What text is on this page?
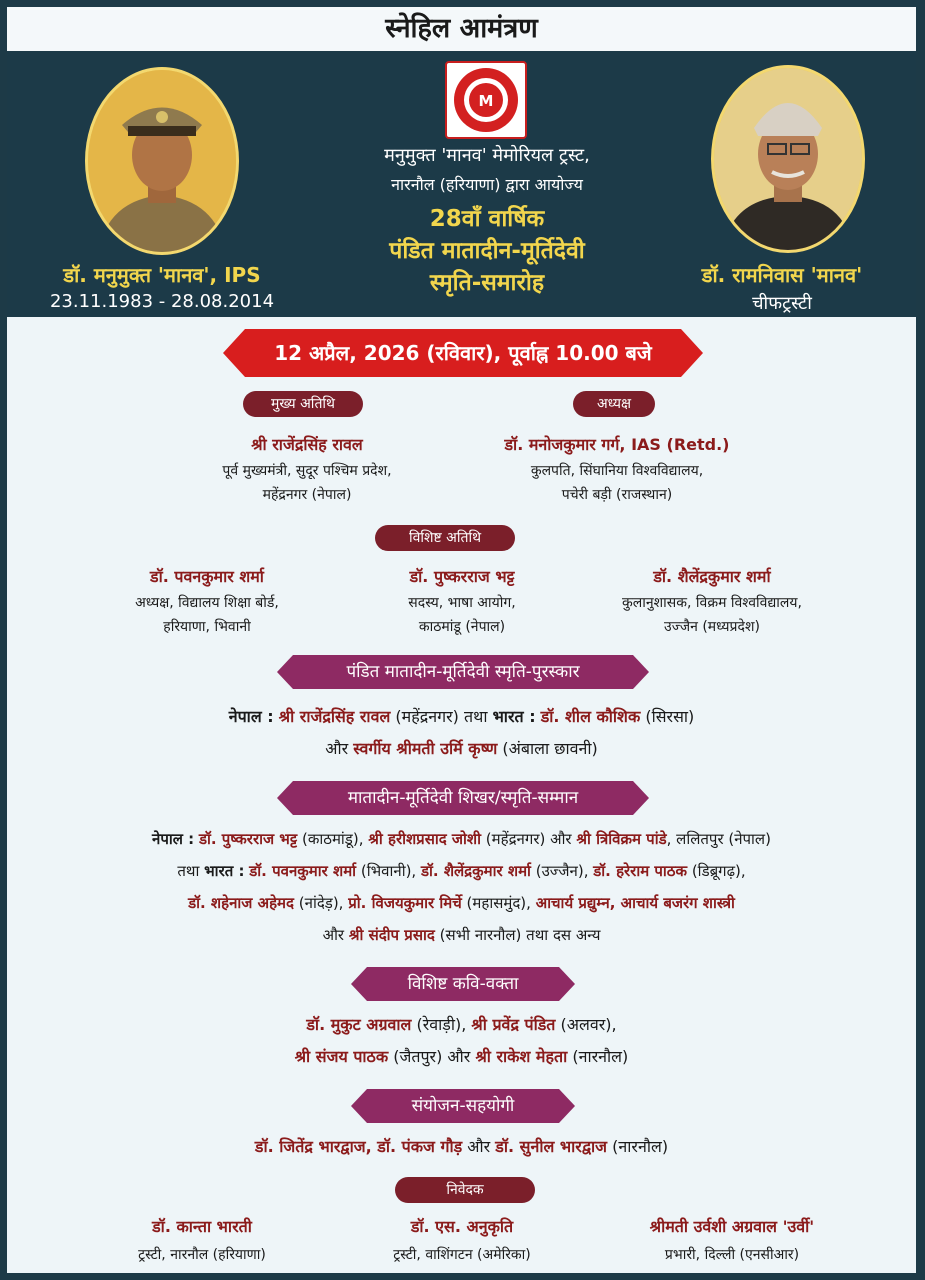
स्नेहिल आमंत्रण
डॉ. मनुमुक्त 'मानव', IPS
23.11.1983 - 28.08.2014
M
मनुमुक्त 'मानव' मेमोरियल ट्रस्ट,
नारनौल (हरियाणा) द्वारा आयोज्य
28वाँ वार्षिक
पंडित मातादीन-मूर्तिदेवी
स्मृति-समारोह	डॉ. रामनिवास 'मानव'
चीफट्रस्टी
12 अप्रैल, 2026 (रविवार), पूर्वाह्न 10.00 बजे
मुख्य अतिथि	अध्यक्ष
श्री राजेंद्रसिंह रावल
पूर्व मुख्यमंत्री, सुदूर पश्चिम प्रदेश,
महेंद्रनगर (नेपाल)
डॉ. मनोजकुमार गर्ग, IAS (Retd.)
कुलपति, सिंघानिया विश्वविद्यालय,
पचेरी बड़ी (राजस्थान)
विशिष्ट अतिथि
डॉ. पवनकुमार शर्मा
अध्यक्ष, विद्यालय शिक्षा बोर्ड,
हरियाणा, भिवानी
डॉ. पुष्करराज भट्ट
सदस्य, भाषा आयोग,
काठमांडू (नेपाल)
डॉ. शैलेंद्रकुमार शर्मा
कुलानुशासक, विक्रम विश्वविद्यालय,
उज्जैन (मध्यप्रदेश)
पंडित मातादीन-मूर्तिदेवी स्मृति-पुरस्कार
नेपाल : श्री राजेंद्रसिंह रावल (महेंद्रनगर) तथा भारत : डॉ. शील कौशिक (सिरसा)
और स्वर्गीय श्रीमती उर्मि कृष्ण (अंबाला छावनी)
मातादीन-मूर्तिदेवी शिखर/स्मृति-सम्मान
नेपाल : डॉ. पुष्करराज भट्ट (काठमांडू), श्री हरीशप्रसाद जोशी (महेंद्रनगर) और श्री त्रिविक्रम पांडे, ललितपुर (नेपाल)
तथा भारत : डॉ. पवनकुमार शर्मा (भिवानी), डॉ. शैलेंद्रकुमार शर्मा (उज्जैन), डॉ. हरेराम पाठक (डिब्रूगढ़),
डॉ. शहेनाज अहेमद (नांदेड़), प्रो. विजयकुमार मिर्चे (महासमुंद), आचार्य प्रद्युम्न, आचार्य बजरंग शास्त्री
और श्री संदीप प्रसाद (सभी नारनौल) तथा दस अन्य
विशिष्ट कवि-वक्ता
डॉ. मुकुट अग्रवाल (रेवाड़ी), श्री प्रवेंद्र पंडित (अलवर),
श्री संजय पाठक (जैतपुर) और श्री राकेश मेहता (नारनौल)
संयोजन-सहयोगी
डॉ. जितेंद्र भारद्वाज, डॉ. पंकज गौड़ और डॉ. सुनील भारद्वाज (नारनौल)
निवेदक
डॉ. कान्ता भारती
ट्रस्टी, नारनौल (हरियाणा)
डॉ. एस. अनुकृति
ट्रस्टी, वाशिंगटन (अमेरिका)
श्रीमती उर्वशी अग्रवाल 'उर्वी'
प्रभारी, दिल्ली (एनसीआर)
